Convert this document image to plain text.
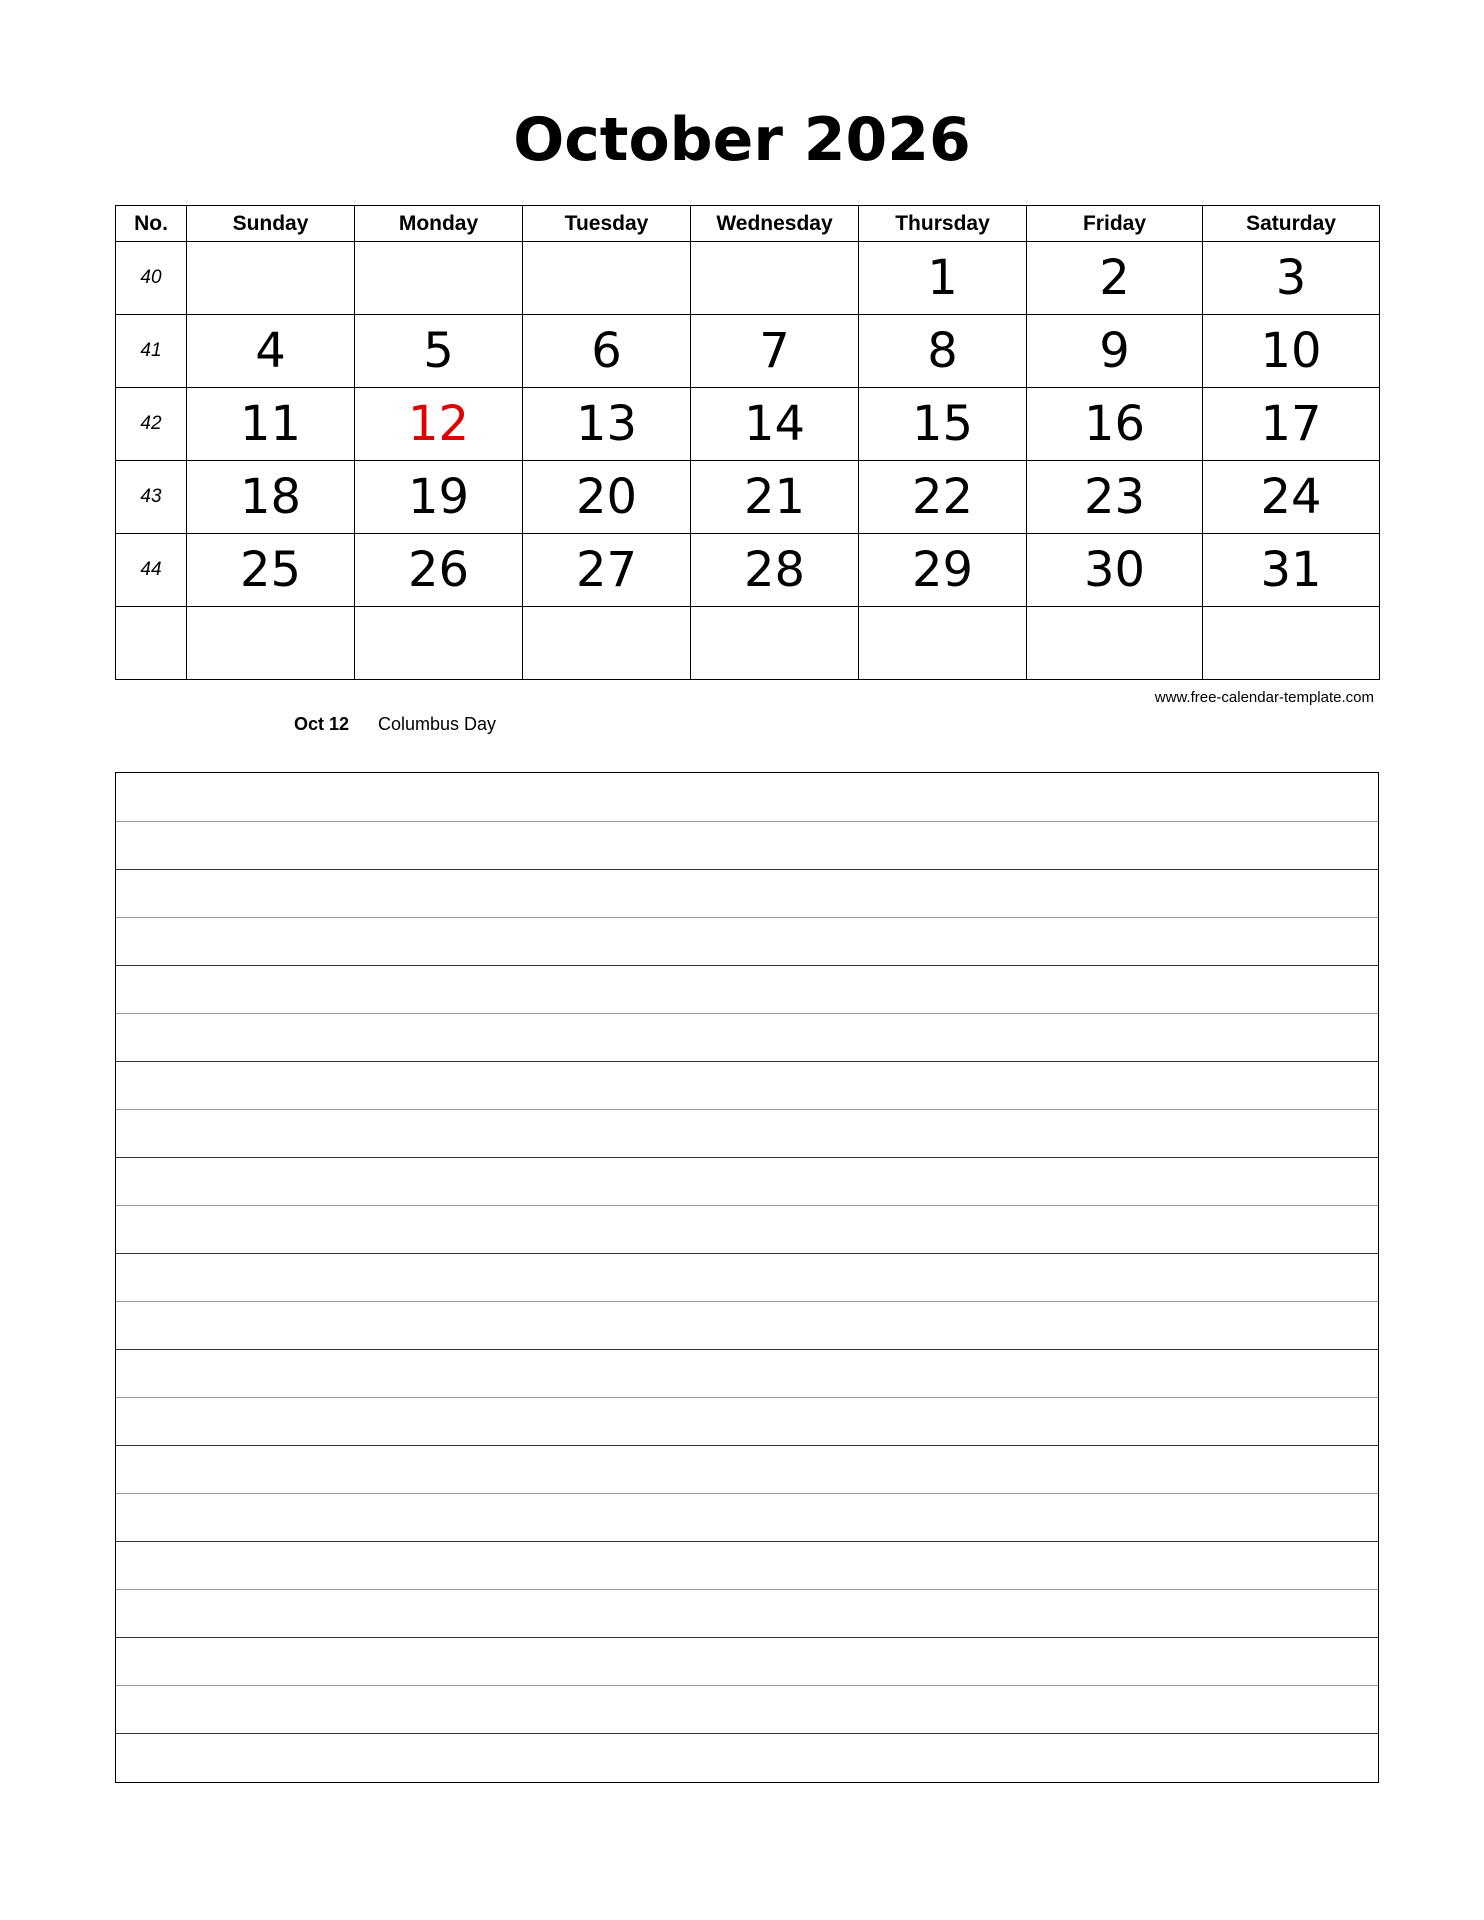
October 2026
No.	Sunday	Monday	Tuesday	Wednesday	Thursday	Friday	Saturday
40					1	2	3
41	4	5	6	7	8	9	10
42	11	12	13	14	15	16	17
43	18	19	20	21	22	23	24
44	25	26	27	28	29	30	31

www.free-calendar-template.com
Oct 12 Columbus Day
